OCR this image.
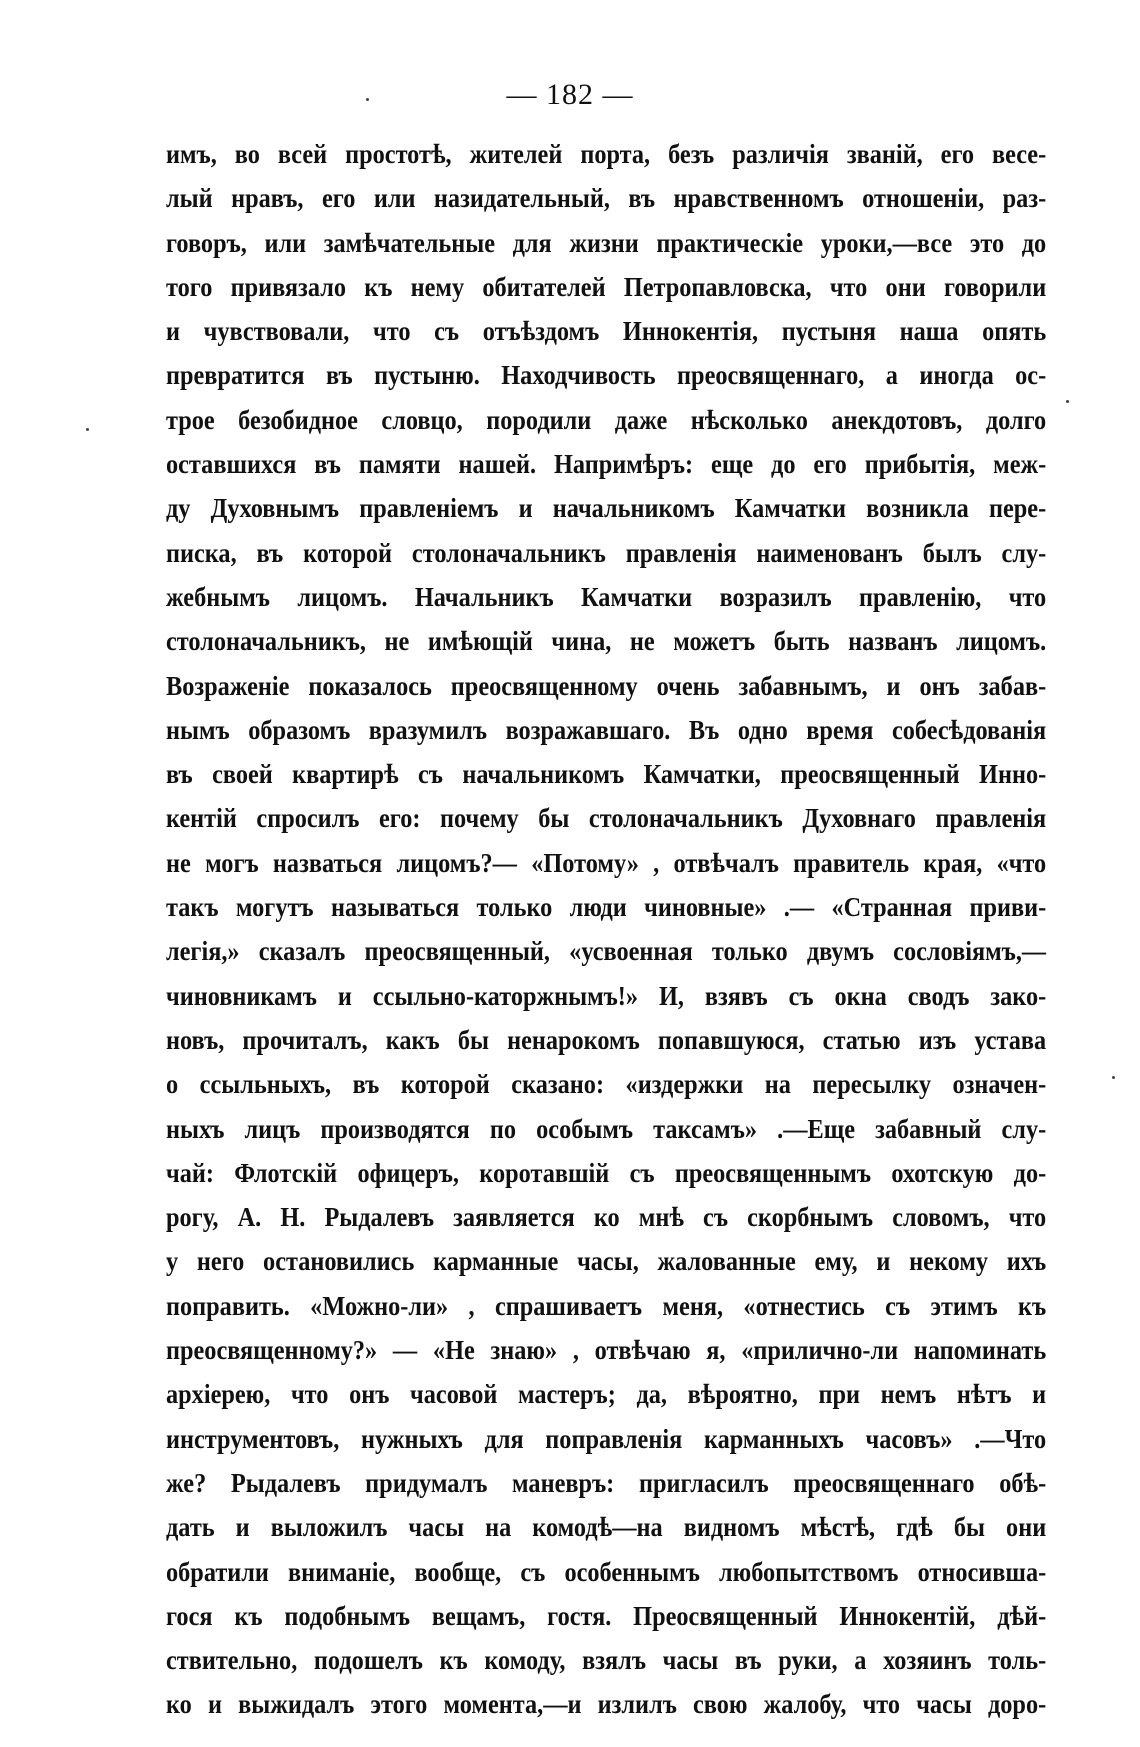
— 182 —
имъ, во всей простотѣ, жителей порта, безъ различія званій, его весе-
лый нравъ, его или назидательный, въ нравственномъ отношеніи, раз-
говоръ, или замѣчательные для жизни практическіе уроки,—все это до
того привязало къ нему обитателей Петропавловска, что они говорили
и чувствовали, что съ отъѣздомъ Иннокентія, пустыня наша опять
превратится въ пустыню. Находчивость преосвященнаго, а иногда ос-
трое безобидное словцо, породили даже нѣсколько анекдотовъ, долго
оставшихся въ памяти нашей. Напримѣръ: еще до его прибытія, меж-
ду Духовнымъ правленіемъ и начальникомъ Камчатки возникла пере-
писка, въ которой столоначальникъ правленія наименованъ былъ слу-
жебнымъ лицомъ. Начальникъ Камчатки возразилъ правленію, что
столоначальникъ, не имѣющій чина, не можетъ быть названъ лицомъ.
Возраженіе показалось преосвященному очень забавнымъ, и онъ забав-
нымъ образомъ вразумилъ возражавшаго. Въ одно время собесѣдованія
въ своей квартирѣ съ начальникомъ Камчатки, преосвященный Инно-
кентій спросилъ его: почему бы столоначальникъ Духовнаго правленія
не могъ назваться лицомъ?— «Потому» , отвѣчалъ правитель края, «что
такъ могутъ называться только люди чиновные» .— «Странная приви-
легія,» сказалъ преосвященный, «усвоенная только двумъ сословіямъ,—
чиновникамъ и ссыльно-каторжнымъ!» И, взявъ съ окна сводъ зако-
новъ, прочиталъ, какъ бы ненарокомъ попавшуюся, статью изъ устава
о ссыльныхъ, въ которой сказано: «издержки на пересылку означен-
ныхъ лицъ производятся по особымъ таксамъ» .—Еще забавный слу-
чай: Флотскій офицеръ, коротавшій съ преосвященнымъ охотскую до-
рогу, А. Н. Рыдалевъ заявляется ко мнѣ съ скорбнымъ словомъ, что
у него остановились карманные часы, жалованные ему, и некому ихъ
поправить. «Можно-ли» , спрашиваетъ меня, «отнестись съ этимъ къ
преосвященному?» — «Не знаю» , отвѣчаю я, «прилично-ли напоминать
архіерею, что онъ часовой мастеръ; да, вѣроятно, при немъ нѣтъ и
инструментовъ, нужныхъ для поправленія карманныхъ часовъ» .—Что
же? Рыдалевъ придумалъ маневръ: пригласилъ преосвященнаго обѣ-
дать и выложилъ часы на комодѣ—на видномъ мѣстѣ, гдѣ бы они
обратили вниманіе, вообще, съ особеннымъ любопытствомъ относивша-
гося къ подобнымъ вещамъ, гостя. Преосвященный Иннокентій, дѣй-
ствительно, подошелъ къ комоду, взялъ часы въ руки, а хозяинъ толь-
ко и выжидалъ этого момента,—и излилъ свою жалобу, что часы доро-
